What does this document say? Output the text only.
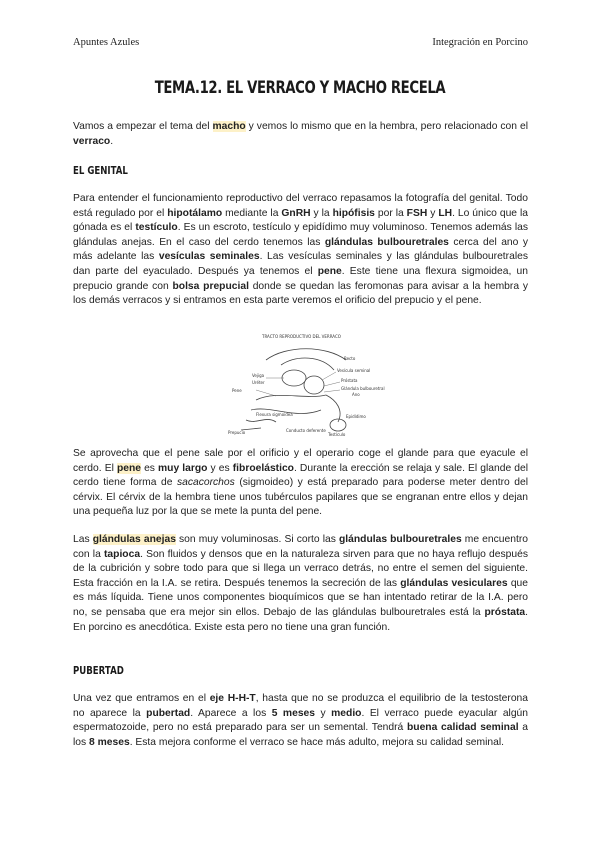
Apuntes Azules	Integración en Porcino
TEMA.12. EL VERRACO Y MACHO RECELA
Vamos a empezar el tema del macho y vemos lo mismo que en la hembra, pero relacionado con el verraco.
EL GENITAL
Para entender el funcionamiento reproductivo del verraco repasamos la fotografía del genital. Todo está regulado por el hipotálamo mediante la GnRH y la hipófisis por la FSH y LH. Lo único que la gónada es el testículo. Es un escroto, testículo y epidídimo muy voluminoso. Tenemos además las glándulas anejas. En el caso del cerdo tenemos las glándulas bulbouretrales cerca del ano y más adelante las vesículas seminales. Las vesículas seminales y las glándulas bulbouretrales dan parte del eyaculado. Después ya tenemos el pene. Este tiene una flexura sigmoidea, un prepucio grande con bolsa prepucial donde se quedan las feromonas para avisar a la hembra y los demás verracos y si entramos en esta parte veremos el orificio del prepucio y el pene.
TRACTO REPRODUCTIVO DEL VERRACO
Vejiga
Uréter
Vesícula seminal
Próstata
Glándula bulbouretral
Recto
Ano
Pene
Flexura sigmoidea
Prepucio	Testículo
Epidídimo
Conducto deferente
Se aprovecha que el pene sale por el orificio y el operario coge el glande para que eyacule el cerdo. El pene es muy largo y es fibroelástico. Durante la erección se relaja y sale. El glande del cerdo tiene forma de sacacorchos (sigmoideo) y está preparado para poderse meter dentro del cérvix. El cérvix de la hembra tiene unos tubérculos papilares que se engranan entre ellos y dejan una pequeña luz por la que se mete la punta del pene.
Las glándulas anejas son muy voluminosas. Si corto las glándulas bulbouretrales me encuentro con la tapioca. Son fluidos y densos que en la naturaleza sirven para que no haya reflujo después de la cubrición y sobre todo para que si llega un verraco detrás, no entre el semen del siguiente. Esta fracción en la I.A. se retira. Después tenemos la secreción de las glándulas vesiculares que es más líquida. Tiene unos componentes bioquímicos que se han intentado retirar de la I.A. pero no, se pensaba que era mejor sin ellos. Debajo de las glándulas bulbouretrales está la próstata. En porcino es anecdótica. Existe esta pero no tiene una gran función.
PUBERTAD
Una vez que entramos en el eje H-H-T, hasta que no se produzca el equilibrio de la testosterona no aparece la pubertad. Aparece a los 5 meses y medio. El verraco puede eyacular algún espermatozoide, pero no está preparado para ser un semental. Tendrá buena calidad seminal a los 8 meses. Esta mejora conforme el verraco se hace más adulto, mejora su calidad seminal.
